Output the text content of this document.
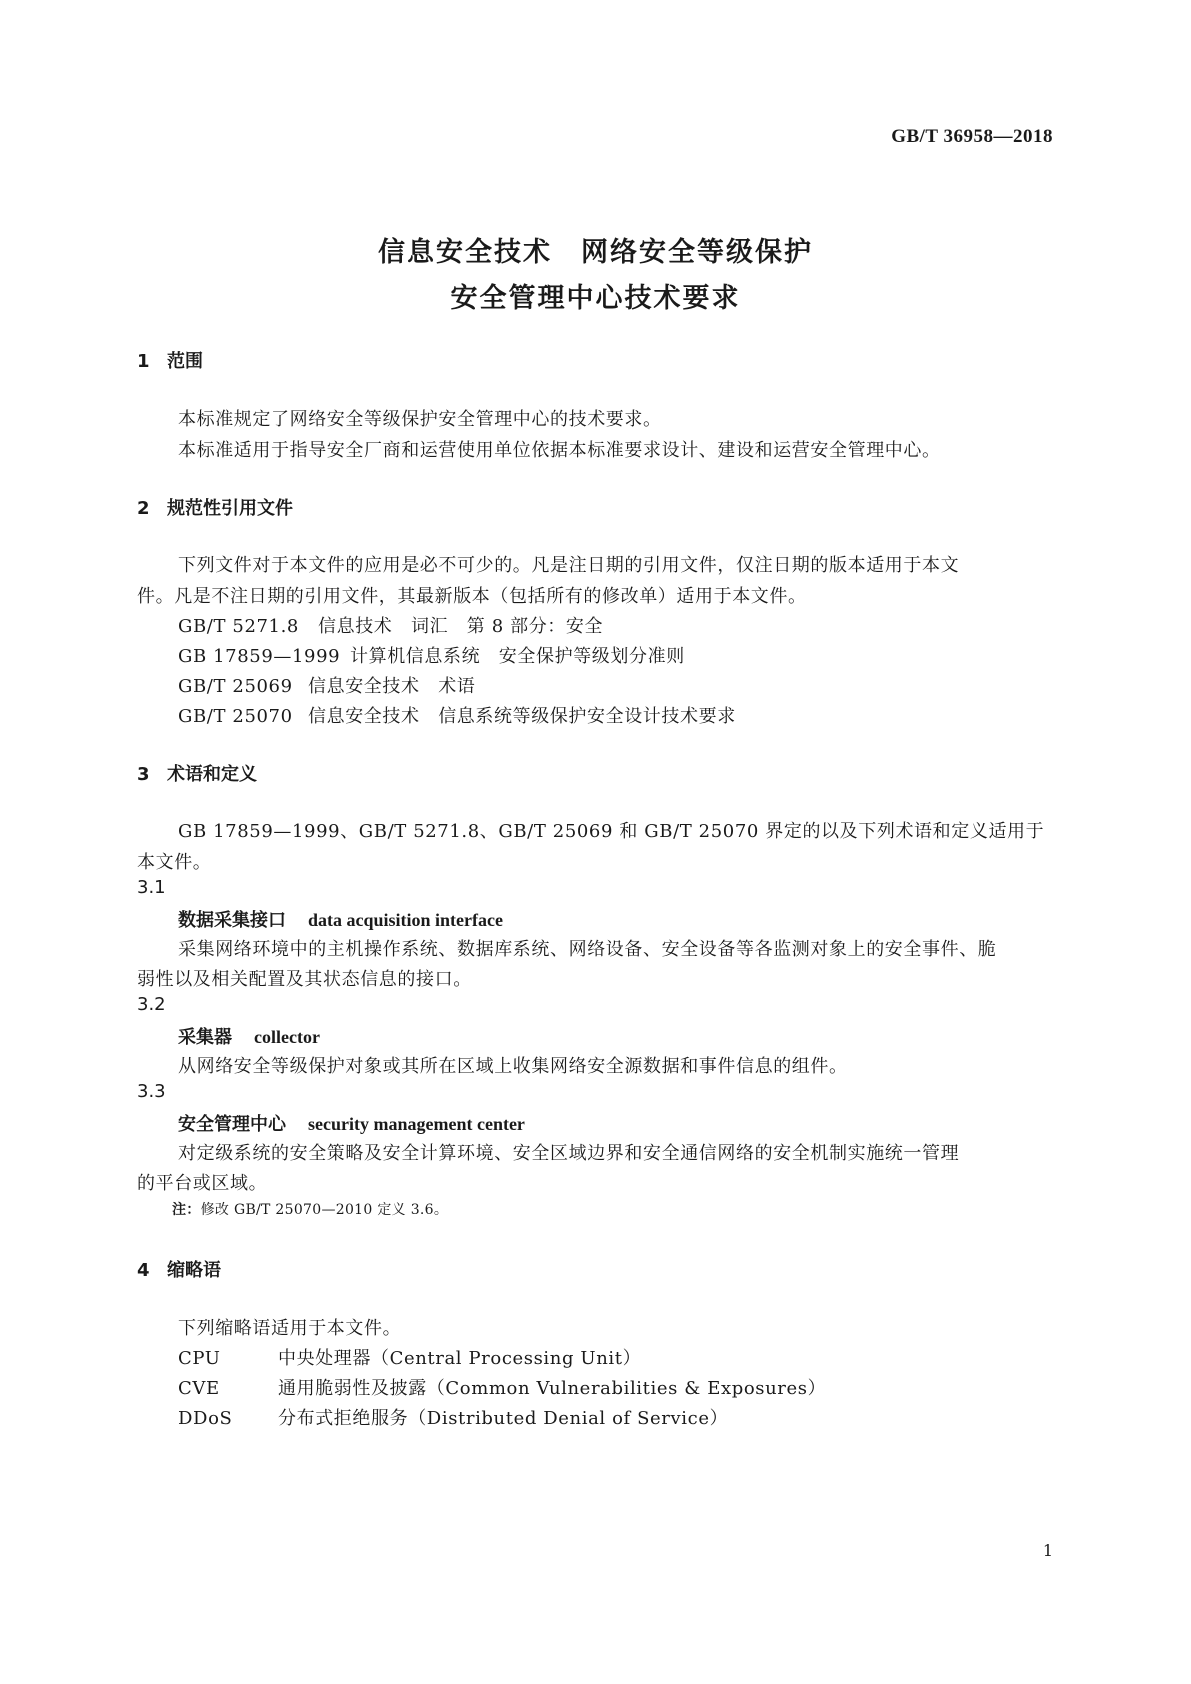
GB/T 36958—2018
信息安全技术　网络安全等级保护
安全管理中心技术要求
1 范围
本标准规定了网络安全等级保护安全管理中心的技术要求。
本标准适用于指导安全厂商和运营使用单位依据本标准要求设计、建设和运营安全管理中心。
2 规范性引用文件
下列文件对于本文件的应用是必不可少的。凡是注日期的引用文件，仅注日期的版本适用于本文
件。凡是不注日期的引用文件，其最新版本（包括所有的修改单）适用于本文件。
GB/T 5271.8 信息技术　词汇　第 8 部分：安全
GB 17859—1999 计算机信息系统　安全保护等级划分准则
GB/T 25069 信息安全技术　术语
GB/T 25070 信息安全技术　信息系统等级保护安全设计技术要求
3 术语和定义
GB 17859—1999、GB/T 5271.8、GB/T 25069 和 GB/T 25070 界定的以及下列术语和定义适用于
本文件。
3.1
数据采集接口 data acquisition interface
采集网络环境中的主机操作系统、数据库系统、网络设备、安全设备等各监测对象上的安全事件、脆
弱性以及相关配置及其状态信息的接口。
3.2
采集器 collector
从网络安全等级保护对象或其所在区域上收集网络安全源数据和事件信息的组件。
3.3
安全管理中心 security management center
对定级系统的安全策略及安全计算环境、安全区域边界和安全通信网络的安全机制实施统一管理
的平台或区域。
注：修改 GB/T 25070—2010 定义 3.6。
4 缩略语
下列缩略语适用于本文件。
CPU	中央处理器（Central Processing Unit）
CVE	通用脆弱性及披露（Common Vulnerabilities & Exposures）
DDoS	分布式拒绝服务（Distributed Denial of Service）
1
